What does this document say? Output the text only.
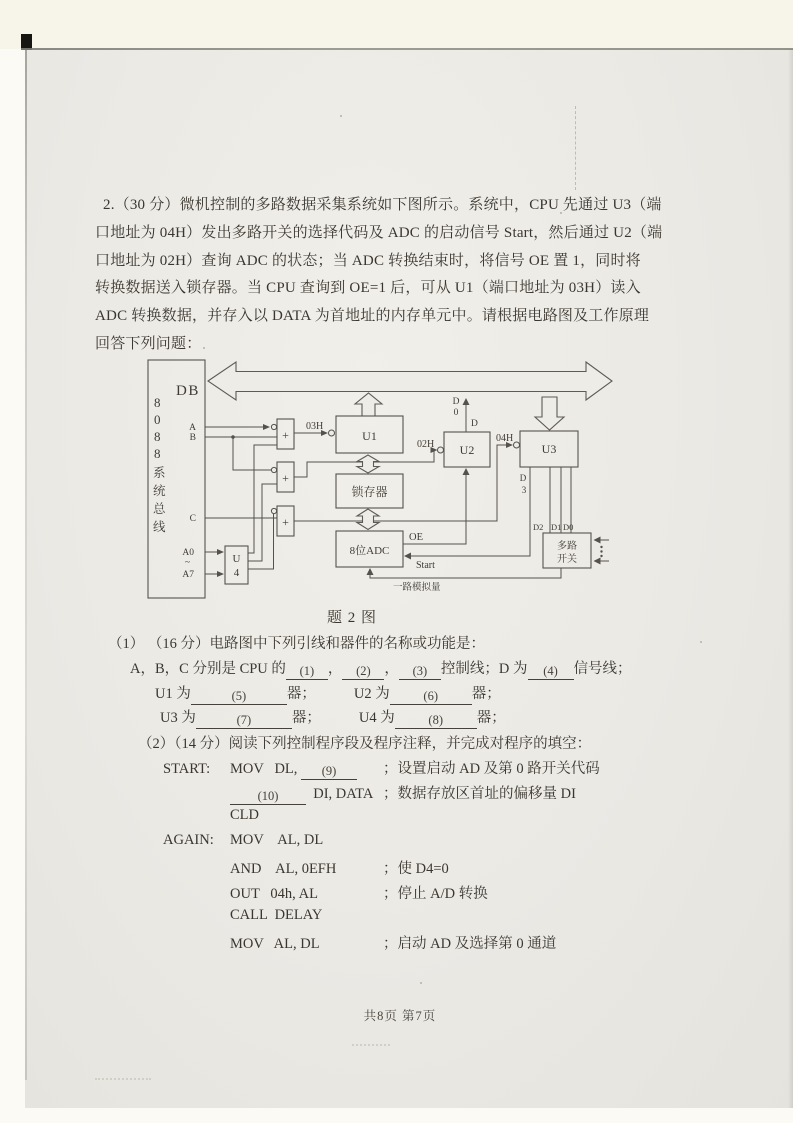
2.（30 分）微机控制的多路数据采集系统如下图所示。系统中，CPU 先通过 U3（端
口地址为 04H）发出多路开关的选择代码及 ADC 的启动信号 Start，然后通过 U2（端
口地址为 02H）查询 ADC 的状态；当 ADC 转换结束时，将信号 OE 置 1，同时将
转换数据送入锁存器。当 CPU 查询到 OE=1 后，可从 U1（端口地址为 03H）读入
ADC 转换数据，并存入以 DATA 为首地址的内存单元中。请根据电路图及工作原理
回答下列问题：
DB
8
0
8
8
系
统
总
线
A
B
C
A0
~
A7
U
4
+
+
+
03H
U1
锁存器
8位ADC
02H U2
04H
U3
D
0
D
OE
Start
D
3
D2 D1 D0
多路
开关
一路模拟量
题 2 图
（1） （16 分）电路图中下列引线和器件的名称或功能是：
A，B，C 分别是 CPU 的 (1) ， (2) ， (3) 控制线；D 为 (4) 信号线；
U1 为	(5)	器；	U2 为	(6) 器；
U3 为	(7)	器；	U4 为	(8) 器；
（2）（14 分）阅读下列控制程序段及程序注释，并完成对程序的填空：
START:	MOV   DL, (9)	；设置启动 AD 及第 0 路开关代码
(10)  DI, DATA ；数据存放区首址的偏移量 DI
CLD
AGAIN:	MOV    AL, DL
AND    AL, 0EFH	；使 D4=0
OUT   04h, AL	；停止 A/D 转换
CALL  DELAY
MOV   AL, DL	；启动 AD 及选择第 0 通道
共8页 第7页
